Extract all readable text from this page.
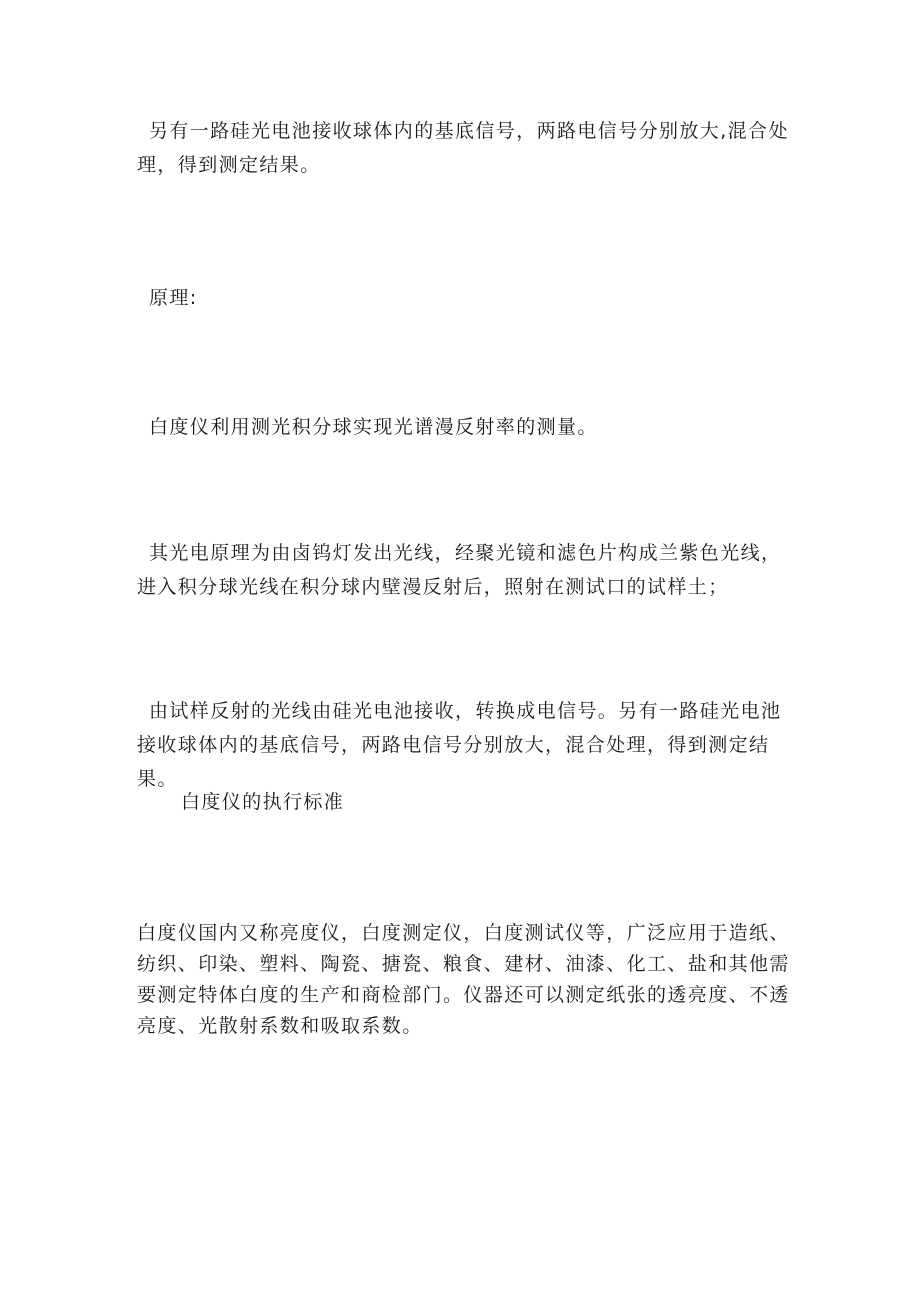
另有一路硅光电池接收球体内的基底信号，两路电信号分别放大,混合处理，得到测定结果。

原理:

白度仪利用测光积分球实现光谱漫反射率的测量。

其光电原理为由卤钨灯发出光线，经聚光镜和滤色片构成兰紫色光线，进入积分球光线在积分球内壁漫反射后，照射在测试口的试样土；

由试样反射的光线由硅光电池接收，转换成电信号。另有一路硅光电池接收球体内的基底信号，两路电信号分别放大，混合处理，得到测定结果。

白度仪的执行标准

白度仪国内又称亮度仪，白度测定仪，白度测试仪等，广泛应用于造纸、纺织、印染、塑料、陶瓷、搪瓷、粮食、建材、油漆、化工、盐和其他需要测定特体白度的生产和商检部门。仪器还可以测定纸张的透亮度、不透亮度、光散射系数和吸取系数。
